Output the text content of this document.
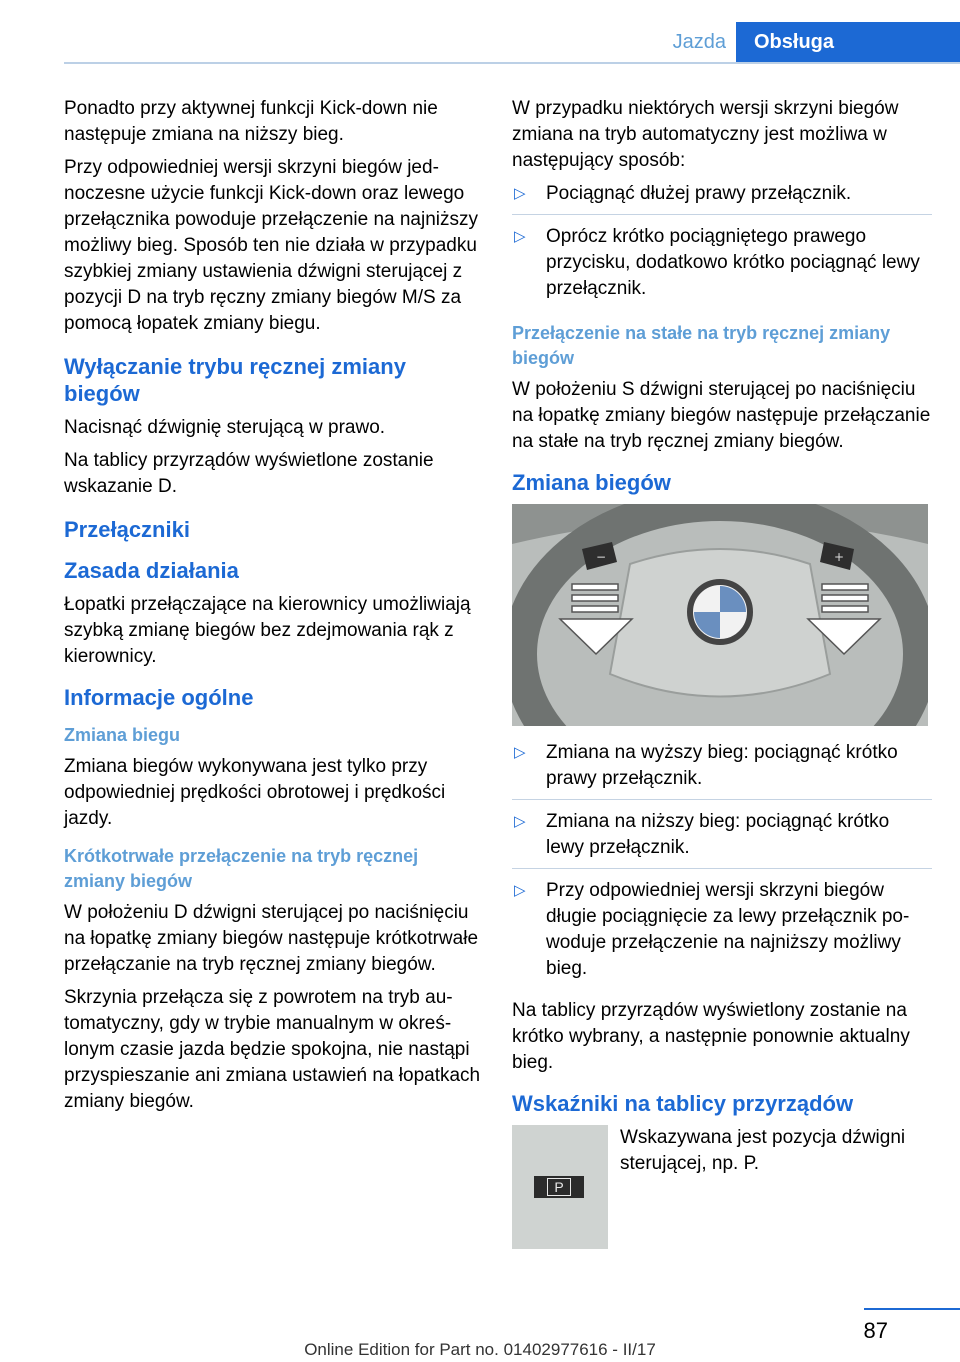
Jazda	Obsługa

Ponadto przy aktywnej funkcji Kick-down nie następuje zmiana na niższy bieg.

Przy odpowiedniej wersji skrzyni biegów jednoczesne użycie funkcji Kick-down oraz lewego przełącznika powoduje przełączenie na najniższy możliwy bieg. Sposób ten nie działa w przypadku szybkiej zmiany ustawienia dźwigni sterującej z pozycji D na tryb ręczny zmiany biegów M/S za pomocą łopatek zmiany biegu.

Wyłączanie trybu ręcznej zmiany biegów

Nacisnąć dźwignię sterującą w prawo.

Na tablicy przyrządów wyświetlone zostanie wskazanie D.

Przełączniki
Zasada działania

Łopatki przełączające na kierownicy umożliwiają szybką zmianę biegów bez zdejmowania rąk z kierownicy.

Informacje ogólne
Zmiana biegu

Zmiana biegów wykonywana jest tylko przy odpowiedniej prędkości obrotowej i prędkości jazdy.

Krótkotrwałe przełączenie na tryb ręcznej zmiany biegów

W położeniu D dźwigni sterującej po naciśnięciu na łopatkę zmiany biegów następuje krótkotrwałe przełączanie na tryb ręcznej zmiany biegów.

Skrzynia przełącza się z powrotem na tryb automatyczny, gdy w trybie manualnym w określonym czasie jazda będzie spokojna, nie nastąpi przyspieszanie ani zmiana ustawień na łopatkach zmiany biegów.

W przypadku niektórych wersji skrzyni biegów zmiana na tryb automatyczny jest możliwa w następujący sposób:

▷ Pociągnąć dłużej prawy przełącznik.
▷ Oprócz krótko pociągniętego prawego przycisku, dodatkowo krótko pociągnąć lewy przełącznik.
Przełączenie na stałe na tryb ręcznej zmiany biegów

W położeniu S dźwigni sterującej po naciśnięciu na łopatkę zmiany biegów następuje przełączanie na stałe na tryb ręcznej zmiany biegów.

Zmiana biegów
−	+
▷ Zmiana na wyższy bieg: pociągnąć krótko prawy przełącznik.
▷ Zmiana na niższy bieg: pociągnąć krótko lewy przełącznik.
▷ Przy odpowiedniej wersji skrzyni biegów długie pociągnięcie za lewy przełącznik powoduje przełączenie na najniższy możliwy bieg.

Na tablicy przyrządów wyświetlony zostanie na krótko wybrany, a następnie ponownie aktualny bieg.

Wskaźniki na tablicy przyrządów
P
Wskazywana jest pozycja dźwigni sterującej, np. P.
87
Online Edition for Part no. 01402977616 - II/17
